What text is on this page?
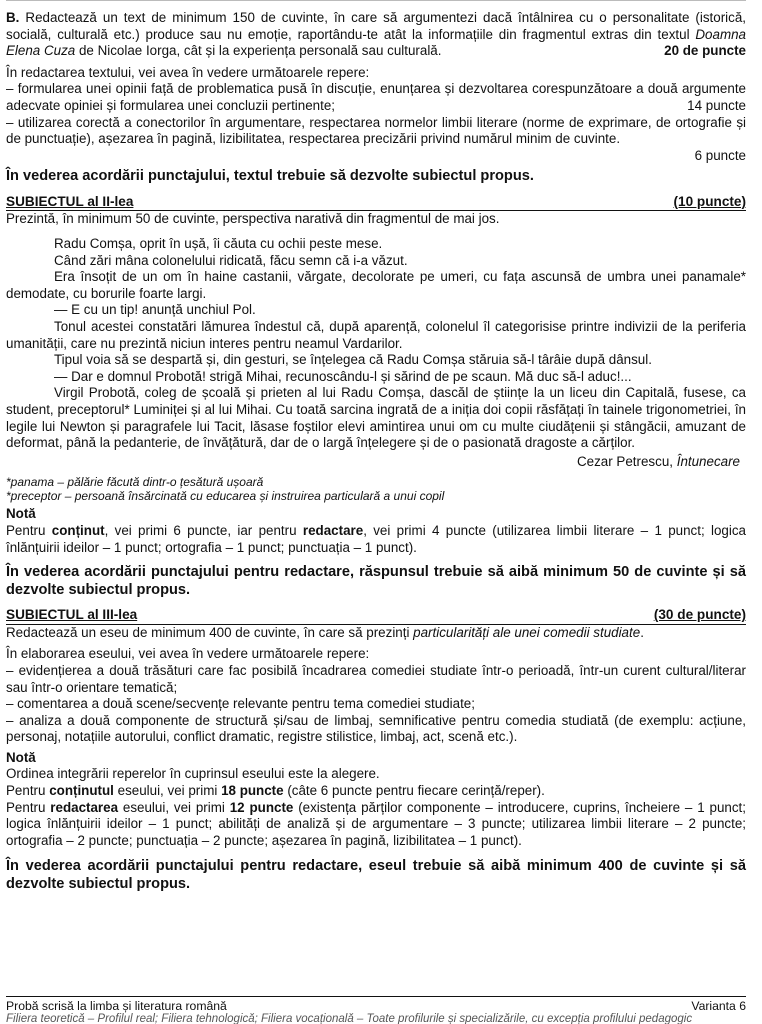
B. Redactează un text de minimum 150 de cuvinte, în care să argumentezi dacă întâlnirea cu o personalitate (istorică, socială, culturală etc.) produce sau nu emoție, raportându-te atât la informațiile din fragmentul extras din textul Doamna Elena Cuza de Nicolae Iorga, cât și la experiența personală sau culturală.	20 de puncte

În redactarea textului, vei avea în vedere următoarele repere:

– formularea unei opinii față de problematica pusă în discuție, enunțarea și dezvoltarea corespunzătoare a două argumente adecvate opiniei și formularea unei concluzii pertinente;	14 puncte

– utilizarea corectă a conectorilor în argumentare, respectarea normelor limbii literare (norme de exprimare, de ortografie și de punctuație), așezarea în pagină, lizibilitatea, respectarea precizării privind numărul minim de cuvinte.

6 puncte

În vederea acordării punctajului, textul trebuie să dezvolte subiectul propus.

SUBIECTUL al II-lea	(10 puncte)

Prezintă, în minimum 50 de cuvinte, perspectiva narativă din fragmentul de mai jos.

Radu Comșa, oprit în ușă, îi căuta cu ochii peste mese.

Când zări mâna colonelului ridicată, făcu semn că i-a văzut.

Era însoțit de un om în haine castanii, vărgate, decolorate pe umeri, cu fața ascunsă de umbra unei panamale* demodate, cu borurile foarte largi.

— E cu un tip! anunță unchiul Pol.

Tonul acestei constatări lămurea îndestul că, după aparență, colonelul îl categorisise printre indivizii de la periferia umanității, care nu prezintă niciun interes pentru neamul Vardarilor.

Tipul voia să se despartă și, din gesturi, se înțelegea că Radu Comșa stăruia să-l târâie după dânsul.

— Dar e domnul Probotă! strigă Mihai, recunoscându-l și sărind de pe scaun. Mă duc să-l aduc!...

Virgil Probotă, coleg de școală și prieten al lui Radu Comșa, dascăl de științe la un liceu din Capitală, fusese, ca student, preceptorul* Luminiței și al lui Mihai. Cu toată sarcina ingrată de a iniția doi copii răsfățați în tainele trigonometriei, în legile lui Newton și paragrafele lui Tacit, lăsase foștilor elevi amintirea unui om cu multe ciudățenii și stângăcii, amuzant de deformat, până la pedanterie, de învățătură, dar de o largă înțelegere și de o pasionată dragoste a cărților.

Cezar Petrescu, Întunecare

*panama – pălărie făcută dintr-o țesătură ușoară

*preceptor – persoană însărcinată cu educarea și instruirea particulară a unui copil

Notă

Pentru conținut, vei primi 6 puncte, iar pentru redactare, vei primi 4 puncte (utilizarea limbii literare – 1 punct; logica înlănțuirii ideilor – 1 punct; ortografia – 1 punct; punctuația – 1 punct).

În vederea acordării punctajului pentru redactare, răspunsul trebuie să aibă minimum 50 de cuvinte și să dezvolte subiectul propus.

SUBIECTUL al III-lea	(30 de puncte)

Redactează un eseu de minimum 400 de cuvinte, în care să prezinți particularități ale unei comedii studiate.

În elaborarea eseului, vei avea în vedere următoarele repere:

– evidențierea a două trăsături care fac posibilă încadrarea comediei studiate într-o perioadă, într-un curent cultural/literar sau într-o orientare tematică;

– comentarea a două scene/secvențe relevante pentru tema comediei studiate;

– analiza a două componente de structură și/sau de limbaj, semnificative pentru comedia studiată (de exemplu: acțiune, personaj, notațiile autorului, conflict dramatic, registre stilistice, limbaj, act, scenă etc.).

Notă

Ordinea integrării reperelor în cuprinsul eseului este la alegere.

Pentru conținutul eseului, vei primi 18 puncte (câte 6 puncte pentru fiecare cerință/reper).

Pentru redactarea eseului, vei primi 12 puncte (existența părților componente – introducere, cuprins, încheiere – 1 punct; logica înlănțuirii ideilor – 1 punct; abilități de analiză și de argumentare – 3 puncte; utilizarea limbii literare – 2 puncte; ortografia – 2 puncte; punctuația – 2 puncte; așezarea în pagină, lizibilitatea – 1 punct).

În vederea acordării punctajului pentru redactare, eseul trebuie să aibă minimum 400 de cuvinte și să dezvolte subiectul propus.

Probă scrisă la limba și literatura română	Varianta 6
Filiera teoretică – Profilul real; Filiera tehnologică; Filiera vocațională – Toate profilurile și specializările, cu excepția profilului pedagogic
